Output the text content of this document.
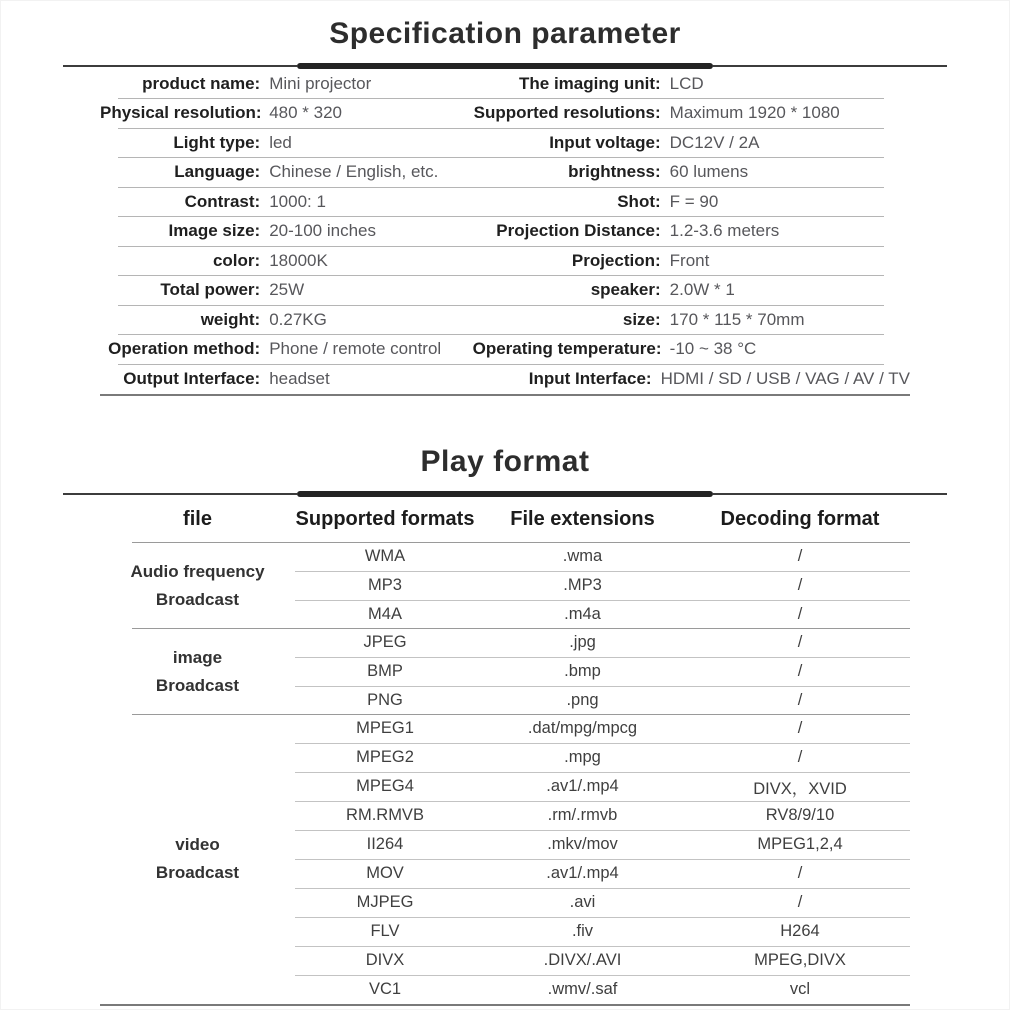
Specification parameter
product name: Mini projector	The imaging unit: LCD
Physical resolution: 480 * 320	Supported resolutions: Maximum 1920 * 1080
Light type: led	Input voltage: DC12V / 2A
Language: Chinese / English, etc.	brightness: 60 lumens
Contrast: 1000: 1	Shot: F = 90
Image size: 20-100 inches	Projection Distance: 1.2-3.6 meters
color: 18000K	Projection: Front
Total power: 25W	speaker: 2.0W * 1
weight: 0.27KG	size: 170 * 115 * 70mm
Operation method: Phone / remote control Operating temperature: -10 ~ 38 °C
Output Interface: headset	Input Interface: HDMI / SD / USB / VAG / AV / TV
Play format
file	Supported formats	File extensions	Decoding format
Audio frequency
Broadcast
WMA	.wma	/
MP3	.MP3	/
M4A	.m4a	/
image
Broadcast
JPEG	.jpg	/
BMP	.bmp	/
PNG	.png	/
video
Broadcast
MPEG1	.dat/mpg/mpcg	/
MPEG2	.mpg	/
MPEG4	.av1/.mp4	DIVX，XVID
RM.RMVB	.rm/.rmvb	RV8/9/10
II264	.mkv/mov	MPEG1,2,4
MOV	.av1/.mp4	/
MJPEG	.avi	/
FLV	.fiv	H264
DIVX	.DIVX/.AVI	MPEG,DIVX
VC1	.wmv/.saf	vcl
